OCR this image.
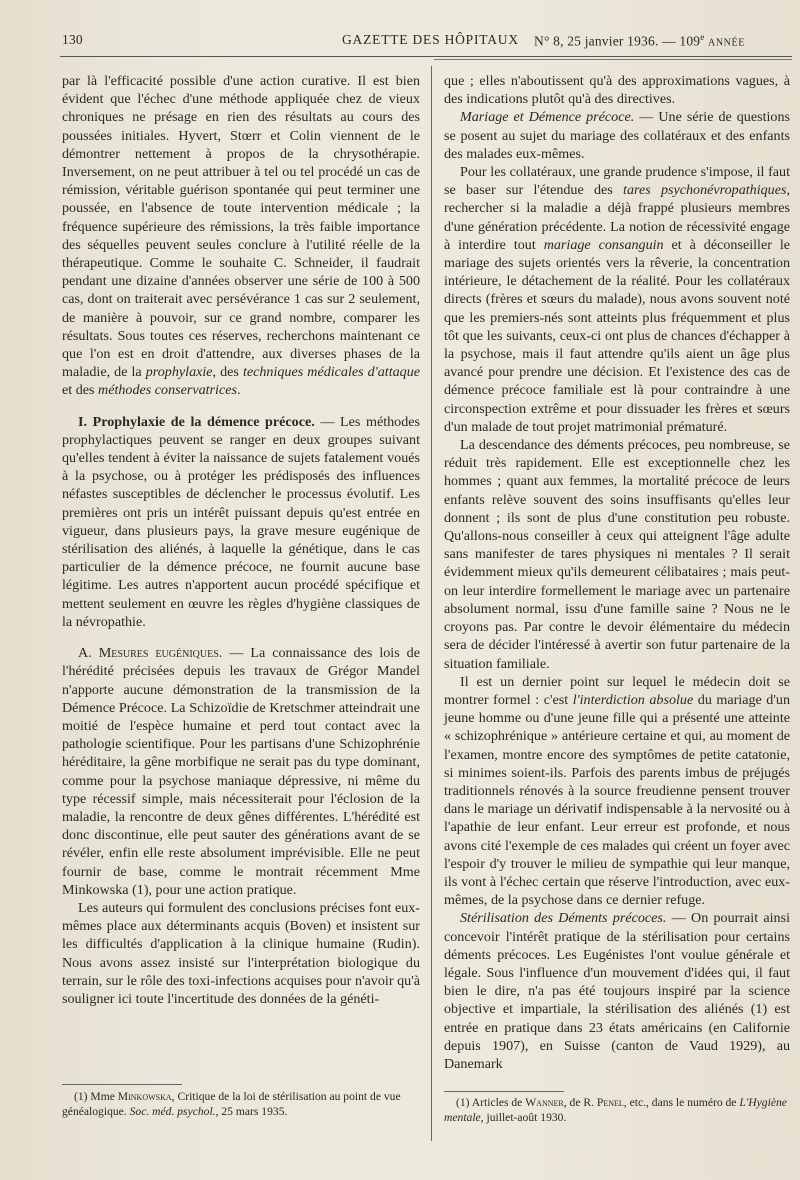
130	GAZETTE DES HÔPITAUX N° 8, 25 janvier 1936. — 109e ANNÉE

par là l'efficacité possible d'une action curative. Il est bien évident que l'échec d'une méthode appliquée chez de vieux chroniques ne présage en rien des résultats au cours des poussées initiales. Hyvert, Stœrr et Colin viennent de le démontrer nettement à propos de la chrysothérapie. Inversement, on ne peut attribuer à tel ou tel procédé un cas de rémission, véritable guérison spontanée qui peut terminer une poussée, en l'absence de toute intervention médicale ; la fréquence supérieure des rémissions, la très faible importance des séquelles peuvent seules conclure à l'utilité réelle de la thérapeutique. Comme le souhaite C. Schneider, il faudrait pendant une dizaine d'années observer une série de 100 à 500 cas, dont on traiterait avec persévérance 1 cas sur 2 seulement, de manière à pouvoir, sur ce grand nombre, comparer les résultats. Sous toutes ces réserves, recherchons maintenant ce que l'on est en droit d'attendre, aux diverses phases de la maladie, de la prophylaxie, des techniques médicales d'attaque et des méthodes conservatrices.

I. Prophylaxie de la démence précoce. — Les méthodes prophylactiques peuvent se ranger en deux groupes suivant qu'elles tendent à éviter la naissance de sujets fatalement voués à la psychose, ou à protéger les prédisposés des influences néfastes susceptibles de déclencher le processus évolutif. Les premières ont pris un intérêt puissant depuis qu'est entrée en vigueur, dans plusieurs pays, la grave mesure eugénique de stérilisation des aliénés, à laquelle la génétique, dans le cas particulier de la démence précoce, ne fournit aucune base légitime. Les autres n'apportent aucun procédé spécifique et mettent seulement en œuvre les règles d'hygiène classiques de la névropathie.

A. Mesures eugéniques. — La connaissance des lois de l'hérédité précisées depuis les travaux de Grégor Mandel n'apporte aucune démonstration de la transmission de la Démence Précoce. La Schizoïdie de Kretschmer atteindrait une moitié de l'espèce humaine et perd tout contact avec la pathologie scientifique. Pour les partisans d'une Schizophrénie héréditaire, la gêne morbifique ne serait pas du type dominant, comme pour la psychose maniaque dépressive, ni même du type récessif simple, mais nécessiterait pour l'éclosion de la maladie, la rencontre de deux gênes différentes. L'hérédité est donc discontinue, elle peut sauter des générations avant de se révéler, enfin elle reste absolument imprévisible. Elle ne peut fournir de base, comme le montrait récemment Mme Minkowska (1), pour une action pratique.

Les auteurs qui formulent des conclusions précises font eux-mêmes place aux déterminants acquis (Boven) et insistent sur les difficultés d'application à la clinique humaine (Rudin). Nous avons assez insisté sur l'interprétation biologique du terrain, sur le rôle des toxi-infections acquises pour n'avoir qu'à souligner ici toute l'incertitude des données de la généti-

(1) Mme Minkowska, Critique de la loi de stérilisation au point de vue généalogique. Soc. méd. psychol., 25 mars 1935.

que ; elles n'aboutissent qu'à des approximations vagues, à des indications plutôt qu'à des directives.

Mariage et Démence précoce. — Une série de questions se posent au sujet du mariage des collatéraux et des enfants des malades eux-mêmes.

Pour les collatéraux, une grande prudence s'impose, il faut se baser sur l'étendue des tares psychonévropathiques, rechercher si la maladie a déjà frappé plusieurs membres d'une génération précédente. La notion de récessivité engage à interdire tout mariage consanguin et à déconseiller le mariage des sujets orientés vers la rêverie, la concentration intérieure, le détachement de la réalité. Pour les collatéraux directs (frères et sœurs du malade), nous avons souvent noté que les premiers-nés sont atteints plus fréquemment et plus tôt que les suivants, ceux-ci ont plus de chances d'échapper à la psychose, mais il faut attendre qu'ils aient un âge plus avancé pour prendre une décision. Et l'existence des cas de démence précoce familiale est là pour contraindre à une circonspection extrême et pour dissuader les frères et sœurs d'un malade de tout projet matrimonial prématuré.

La descendance des déments précoces, peu nombreuse, se réduit très rapidement. Elle est exceptionnelle chez les hommes ; quant aux femmes, la mortalité précoce de leurs enfants relève souvent des soins insuffisants qu'elles leur donnent ; ils sont de plus d'une constitution peu robuste. Qu'allons-nous conseiller à ceux qui atteignent l'âge adulte sans manifester de tares physiques ni mentales ? Il serait évidemment mieux qu'ils demeurent célibataires ; mais peut-on leur interdire formellement le mariage avec un partenaire absolument normal, issu d'une famille saine ? Nous ne le croyons pas. Par contre le devoir élémentaire du médecin sera de décider l'intéressé à avertir son futur partenaire de la situation familiale.

Il est un dernier point sur lequel le médecin doit se montrer formel : c'est l'interdiction absolue du mariage d'un jeune homme ou d'une jeune fille qui a présenté une atteinte « schizophrénique » antérieure certaine et qui, au moment de l'examen, montre encore des symptômes de petite catatonie, si minimes soient-ils. Parfois des parents imbus de préjugés traditionnels rénovés à la source freudienne pensent trouver dans le mariage un dérivatif indispensable à la nervosité ou à l'apathie de leur enfant. Leur erreur est profonde, et nous avons cité l'exemple de ces malades qui créent un foyer avec l'espoir d'y trouver le milieu de sympathie qui leur manque, ils vont à l'échec certain que réserve l'introduction, avec eux-mêmes, de la psychose dans ce dernier refuge.

Stérilisation des Déments précoces. — On pourrait ainsi concevoir l'intérêt pratique de la stérilisation pour certains déments précoces. Les Eugénistes l'ont voulue générale et légale. Sous l'influence d'un mouvement d'idées qui, il faut bien le dire, n'a pas été toujours inspiré par la science objective et impartiale, la stérilisation des aliénés (1) est entrée en pratique dans 23 états américains (en Californie depuis 1907), en Suisse (canton de Vaud 1929), au Danemark

(1) Articles de Wanner, de R. Penel, etc., dans le numéro de L'Hygiène mentale, juillet-août 1930.
